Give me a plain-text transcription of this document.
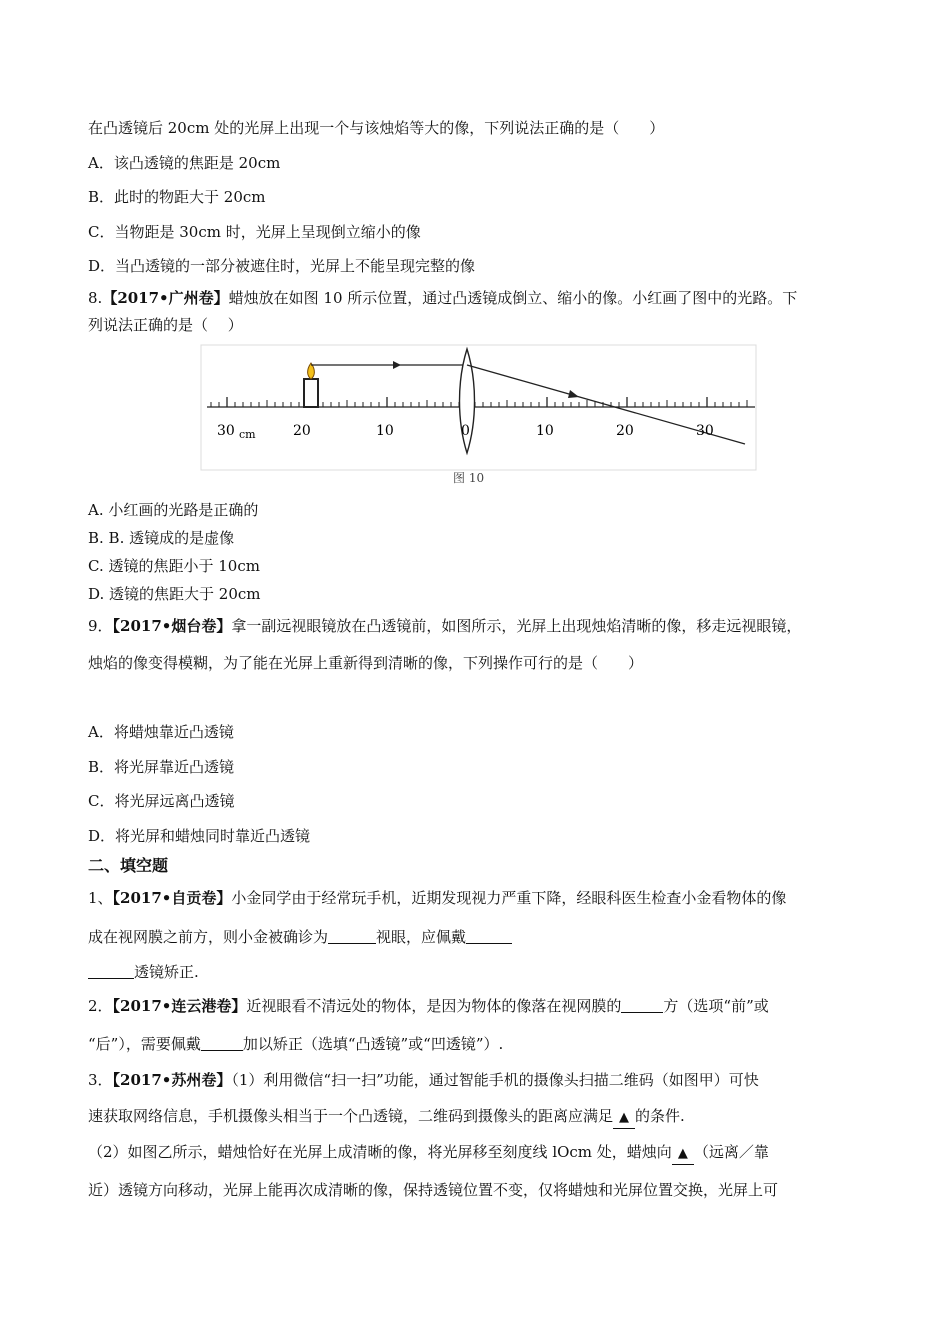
在凸透镜后 20cm 处的光屏上出现一个与该烛焰等大的像，下列说法正确的是（　　）
A．该凸透镜的焦距是 20cm
B．此时的物距大于 20cm
C．当物距是 30cm 时，光屏上呈现倒立缩小的像
D．当凸透镜的一部分被遮住时，光屏上不能呈现完整的像
8.【2017•广州卷】蜡烛放在如图 10 所示位置，通过凸透镜成倒立、缩小的像。小红画了图中的光路。下
列说法正确的是（　 ）
30 cm	20	10	0	10	20	30
图 10
A. 小红画的光路是正确的
B. B. 透镜成的是虚像
C. 透镜的焦距小于 10cm
D. 透镜的焦距大于 20cm
9．【2017•烟台卷】拿一副远视眼镜放在凸透镜前，如图所示，光屏上出现烛焰清晰的像，移走远视眼镜，
烛焰的像变得模糊，为了能在光屏上重新得到清晰的像，下列操作可行的是（　　）
A．将蜡烛靠近凸透镜
B．将光屏靠近凸透镜
C．将光屏远离凸透镜
D．将光屏和蜡烛同时靠近凸透镜
二、填空题
1、【2017•自贡卷】小金同学由于经常玩手机，近期发现视力严重下降，经眼科医生检查小金看物体的像
成在视网膜之前方，则小金被确诊为	视眼，应佩戴
透镜矫正.
2．【2017•连云港卷】近视眼看不清远处的物体，是因为物体的像落在视网膜的	方（选项“前”或
“后”），需要佩戴	加以矫正（选填“凸透镜”或“凹透镜”）.
3．【2017•苏州卷】（1）利用微信“扫一扫”功能，通过智能手机的摄像头扫描二维码（如图甲）可快
速获取网络信息，手机摄像头相当于一个凸透镜，二维码到摄像头的距离应满足 ▲ 的条件.
（2）如图乙所示，蜡烛恰好在光屏上成清晰的像，将光屏移至刻度线 lOcm 处，蜡烛向 ▲ （远离／靠
近）透镜方向移动，光屏上能再次成清晰的像，保持透镜位置不变，仅将蜡烛和光屏位置交换，光屏上可
